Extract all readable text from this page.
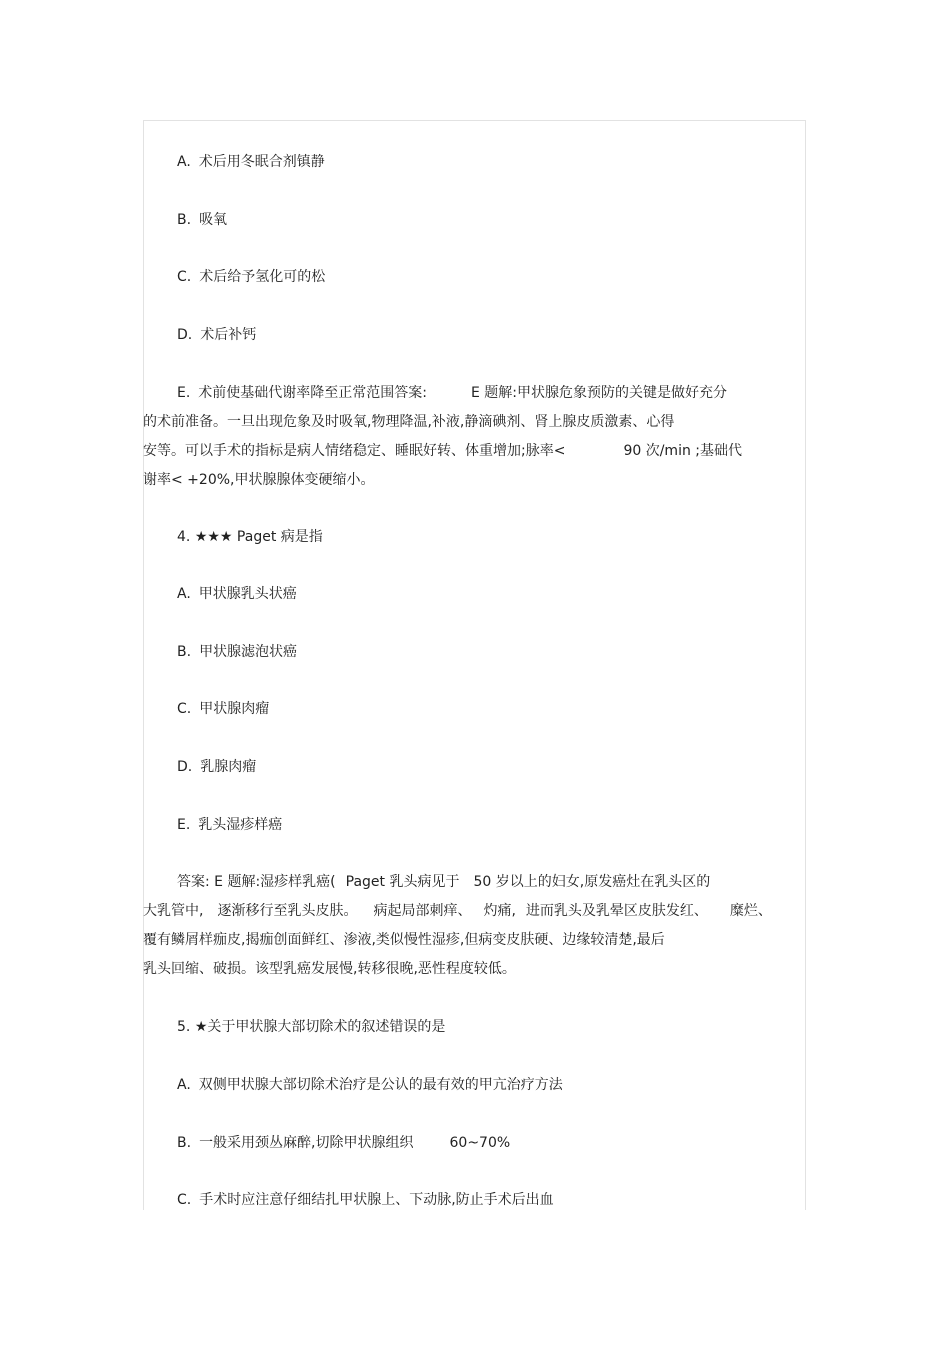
A. 术后用冬眠合剂镇静
B. 吸氧
C. 术后给予氢化可的松
D. 术后补钙
E. 术前使基础代谢率降至正常范围答案:	E 题解:甲状腺危象预防的关键是做好充分
的术前准备。一旦出现危象及时吸氧,物理降温,补液,静滴碘剂、肾上腺皮质激素、心得
安等。可以手术的指标是病人情绪稳定、睡眠好转、体重增加;脉率<	90 次/min ;基础代
谢率< +20%,甲状腺腺体变硬缩小。
4. ★★★ Paget 病是指
A. 甲状腺乳头状癌
B. 甲状腺滤泡状癌
C. 甲状腺肉瘤
D. 乳腺肉瘤
E. 乳头湿疹样癌
答案: E 题解:湿疹样乳癌( Paget 乳头病见于 50 岁以上的妇女,原发癌灶在乳头区的
大乳管中, 逐渐移行至乳头皮肤。 病起局部刺痒、 灼痛, 进而乳头及乳晕区皮肤发红、 糜烂、
覆有鳞屑样痂皮,揭痂创面鲜红、渗液,类似慢性湿疹,但病变皮肤硬、边缘较清楚,最后
乳头回缩、破损。该型乳癌发展慢,转移很晚,恶性程度较低。
5. ★关于甲状腺大部切除术的叙述错误的是
A. 双侧甲状腺大部切除术治疗是公认的最有效的甲亢治疗方法
B. 一般采用颈丛麻醉,切除甲状腺组织	60~70%
C. 手术时应注意仔细结扎甲状腺上、下动脉,防止手术后出血
